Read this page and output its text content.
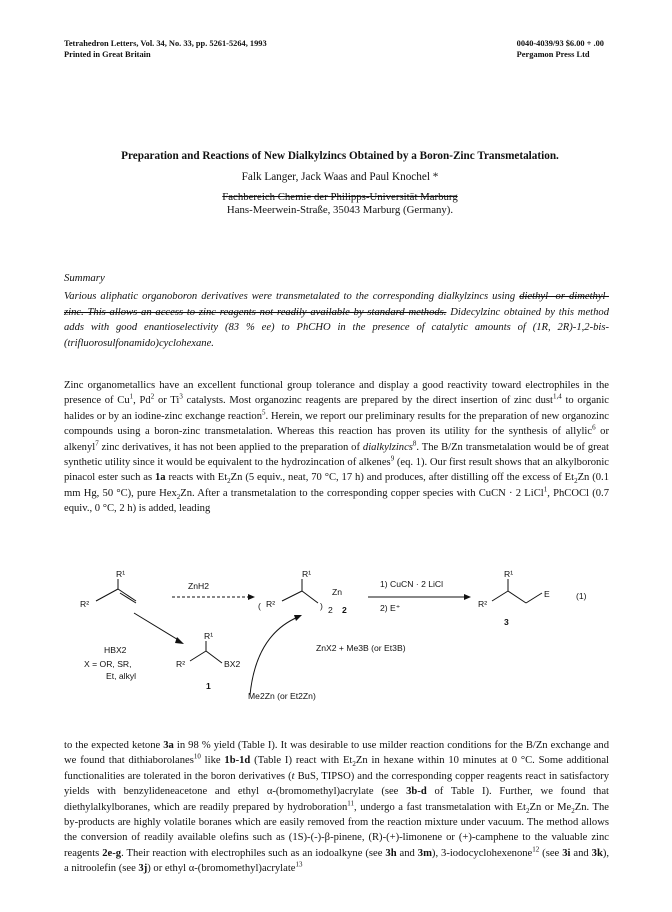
Tetrahedron Letters, Vol. 34, No. 33, pp. 5261-5264, 1993
Printed in Great Britain
0040-4039/93 $6.00 + .00
Pergamon Press Ltd
Preparation and Reactions of New Dialkylzincs Obtained by a Boron-Zinc Transmetalation.
Falk Langer, Jack Waas and Paul Knochel *
Fachbereich Chemie der Philipps-Universität Marburg
Hans-Meerwein-Straße, 35043 Marburg (Germany).
Summary
Various aliphatic organoboron derivatives were transmetalated to the corresponding dialkylzincs using diethyl- or dimethyl-zinc. This allows an access to zinc reagents not readily available by standard methods. Didecylzinc obtained by this method adds with good enantioselectivity (83 % ee) to PhCHO in the presence of catalytic amounts of (1R, 2R)-1,2-bis-(trifluorosulfonamido)cyclohexane.
Zinc organometallics have an excellent functional group tolerance and display a good reactivity toward electrophiles in the presence of Cu$^1$, Pd$^2$ or Ti$^3$ catalysts. Most organozinc reagents are prepared by the direct insertion of zinc dust$^{1,4}$ to organic halides or by an iodine-zinc exchange reaction$^5$. Herein, we report our preliminary results for the preparation of new organozinc compounds using a boron-zinc transmetalation. Whereas this reaction has proven its utility for the synthesis of allylic$^6$ or alkenyl$^7$ zinc derivatives, it has not been applied to the preparation of dialkylzincs$^8$. The B/Zn transmetalation would be of great synthetic utility since it would be equivalent to the hydrozincation of alkenes$^9$ (eq. 1). Our first result shows that an alkylboronic pinacol ester such as 1a reacts with $Et_2Zn$ (5 equiv., neat, 70 °C, 17 h) and produces, after distilling off the excess of $Et_2Zn$ (0.1 mm Hg, 50 °C), pure Hex$_2$Zn. After a transmetalation to the corresponding copper species with CuCN · 2 LiCl$^1$, PhCOCl (0.7 equiv., 0 °C, 2 h) is added, leading
R¹
R²
ZnH2
( R²
R¹
)
Zn
2 2
1) CuCN · 2 LiCl
2) E⁺
R¹
R²
E
3
(1)
HBX2
X = OR, SR,
Et, alkyl
R¹
R²	BX2
1
ZnX2 + Me3B (or Et3B)
Me2Zn (or Et2Zn)
to the expected ketone 3a in 98 % yield (Table I). It was desirable to use milder reaction conditions for the B/Zn exchange and we found that dithiaborolanes$^{10}$ like 1b-1d (Table I) react with $Et_2Zn$ in hexane within 10 minutes at 0 °C. Some additional functionalities are tolerated in the boron derivatives (t BuS, TIPSO) and the corresponding copper reagents react in satisfactory yields with benzylideneacetone and ethyl α-(bromomethyl)acrylate (see 3b-d of Table I). Further, we found that diethylalkylboranes, which are readily prepared by hydroboration$^{11}$, undergo a fast transmetalation with $Et_2Zn$ or $Me_2Zn$. The by-products are highly volatile boranes which are easily removed from the reaction mixture under vacuum. The method allows the conversion of readily available olefins such as (1S)-(-)-β-pinene, (R)-(+)-limonene or (+)-camphene to the valuable zinc reagents 2e-g. Their reaction with electrophiles such as an iodoalkyne (see 3h and 3m), 3-iodocyclohexenone$^{12}$ (see 3i and 3k), a nitroolefin (see 3j) or ethyl α-(bromomethyl)acrylate$^{13}$
